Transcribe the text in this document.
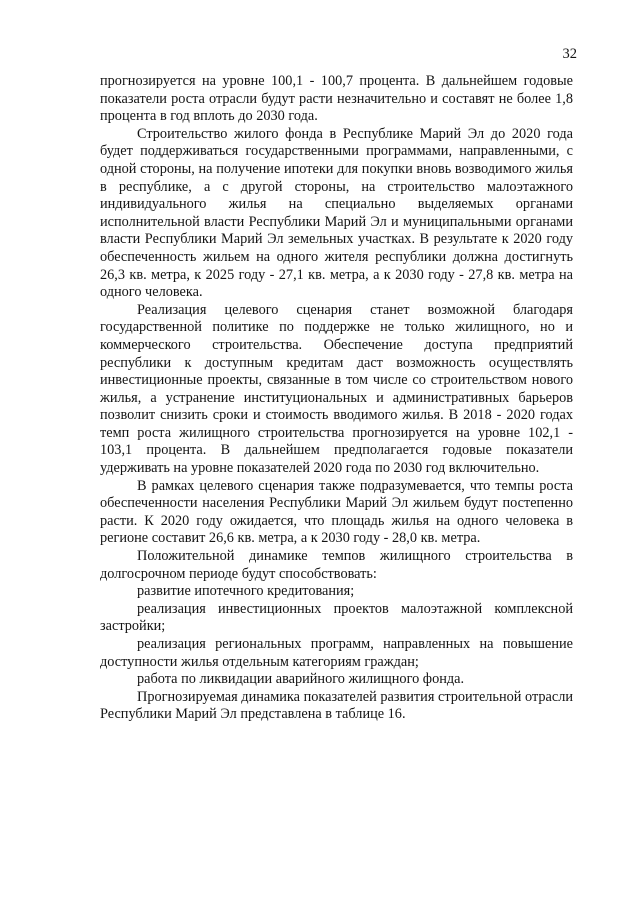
32

прогнозируется на уровне 100,1 - 100,7 процента. В дальнейшем годовые показатели роста отрасли будут расти незначительно и составят не более 1,8 процента в год вплоть до 2030 года.

Строительство жилого фонда в Республике Марий Эл до 2020 года будет поддерживаться государственными программами, направленными, с одной стороны, на получение ипотеки для покупки вновь возводимого жилья в республике, а с другой стороны, на строительство малоэтажного индивидуального жилья на специально выделяемых органами исполнительной власти Республики Марий Эл и муниципальными органами власти Республики Марий Эл земельных участках. В результате к 2020 году обеспеченность жильем на одного жителя республики должна достигнуть 26,3 кв. метра, к 2025 году - 27,1 кв. метра, а к 2030 году - 27,8 кв. метра на одного человека.

Реализация целевого сценария станет возможной благодаря государственной политике по поддержке не только жилищного, но и коммерческого строительства. Обеспечение доступа предприятий республики к доступным кредитам даст возможность осуществлять инвестиционные проекты, связанные в том числе со строительством нового жилья, а устранение институциональных и административных барьеров позволит снизить сроки и стоимость вводимого жилья. В 2018 - 2020 годах темп роста жилищного строительства прогнозируется на уровне 102,1 - 103,1 процента. В дальнейшем предполагается годовые показатели удерживать на уровне показателей 2020 года по 2030 год включительно.

В рамках целевого сценария также подразумевается, что темпы роста обеспеченности населения Республики Марий Эл жильем будут постепенно расти. К 2020 году ожидается, что площадь жилья на одного человека в регионе составит 26,6 кв. метра, а к 2030 году - 28,0 кв. метра.

Положительной динамике темпов жилищного строительства в долгосрочном периоде будут способствовать:

развитие ипотечного кредитования;

реализация инвестиционных проектов малоэтажной комплексной застройки;

реализация региональных программ, направленных на повышение доступности жилья отдельным категориям граждан;

работа по ликвидации аварийного жилищного фонда.

Прогнозируемая динамика показателей развития строительной отрасли Республики Марий Эл представлена в таблице 16.
